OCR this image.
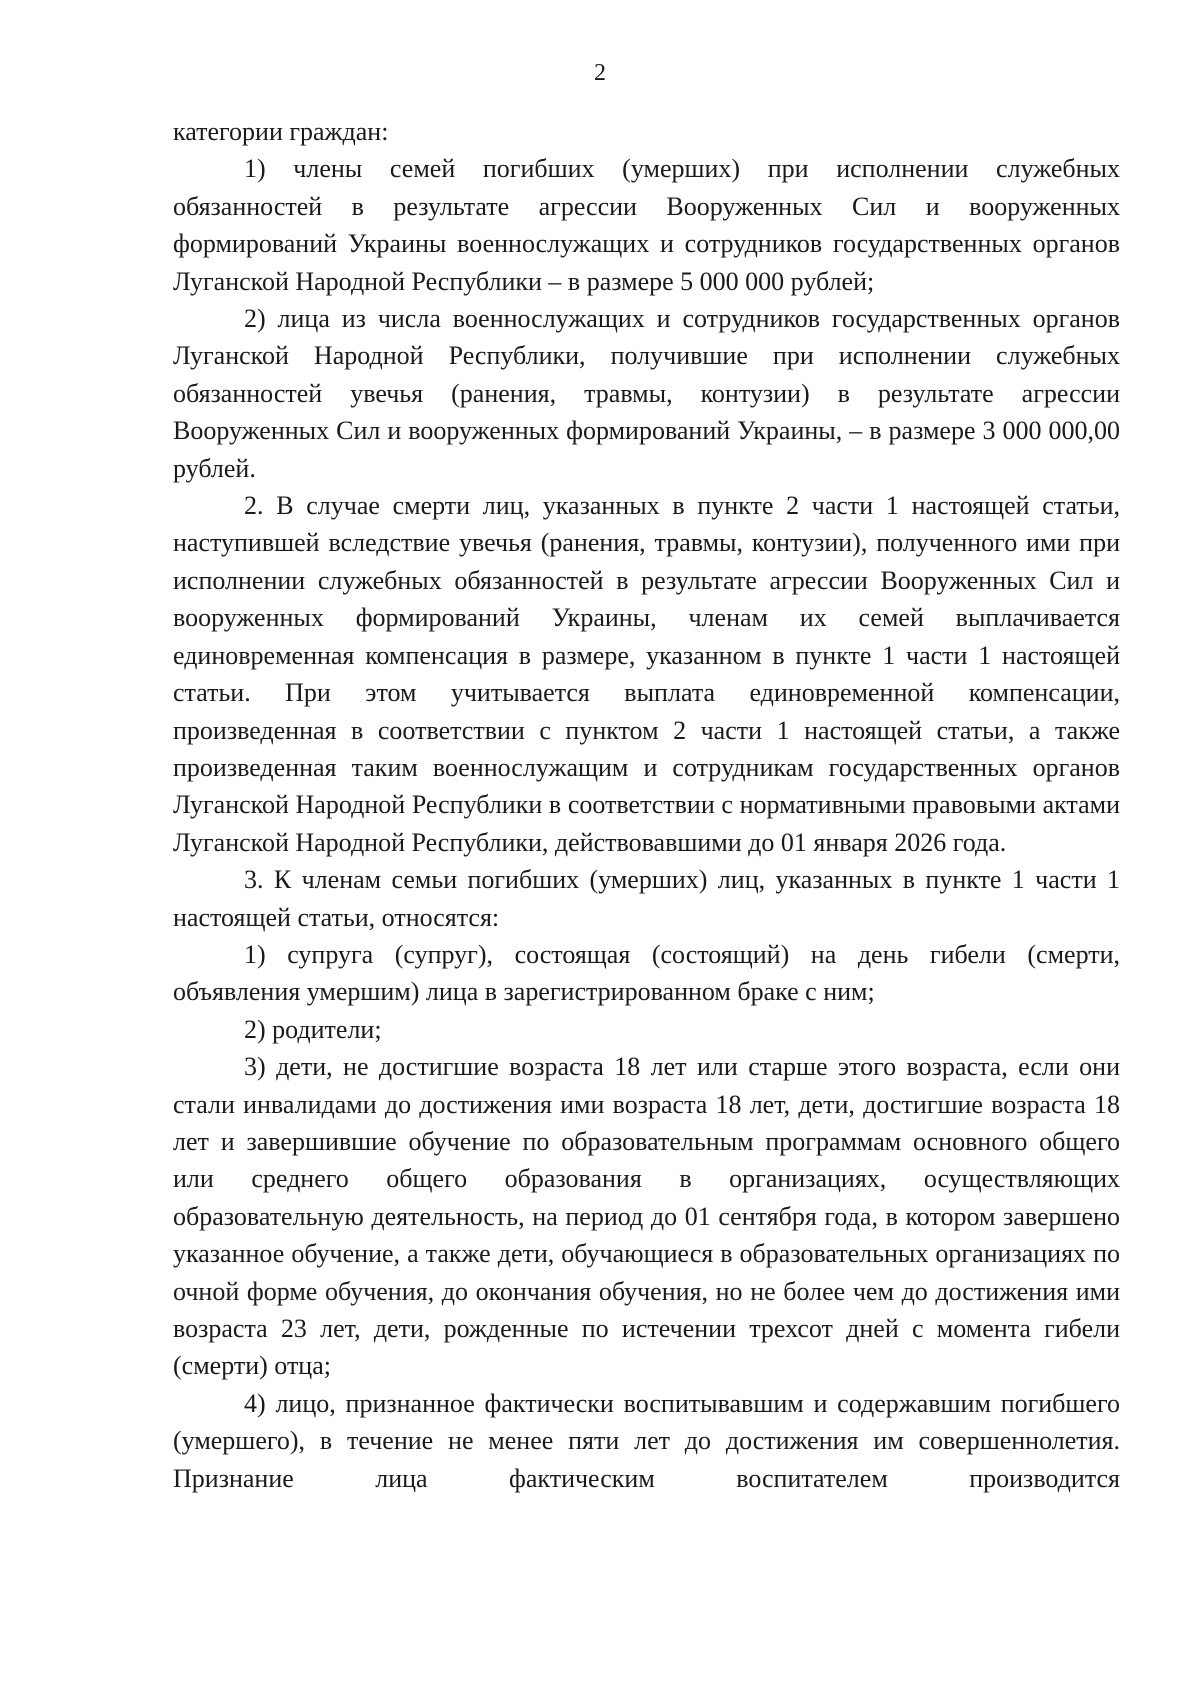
2

категории граждан:

1) члены семей погибших (умерших) при исполнении служебных обязанностей в результате агрессии Вооруженных Сил и вооруженных формирований Украины военнослужащих и сотрудников государственных органов Луганской Народной Республики – в размере 5 000 000 рублей;

2) лица из числа военнослужащих и сотрудников государственных органов Луганской Народной Республики, получившие при исполнении служебных обязанностей увечья (ранения, травмы, контузии) в результате агрессии Вооруженных Сил и вооруженных формирований Украины, – в размере 3 000 000,00 рублей.

2. В случае смерти лиц, указанных в пункте 2 части 1 настоящей статьи, наступившей вследствие увечья (ранения, травмы, контузии), полученного ими при исполнении служебных обязанностей в результате агрессии Вооруженных Сил и вооруженных формирований Украины, членам их семей выплачивается единовременная компенсация в размере, указанном в пункте 1 части 1 настоящей статьи. При этом учитывается выплата единовременной компенсации, произведенная в соответствии с пунктом 2 части 1 настоящей статьи, а также произведенная таким военнослужащим и сотрудникам государственных органов Луганской Народной Республики в соответствии с нормативными правовыми актами Луганской Народной Республики, действовавшими до 01 января 2026 года.

3. К членам семьи погибших (умерших) лиц, указанных в пункте 1 части 1 настоящей статьи, относятся:

1) супруга (супруг), состоящая (состоящий) на день гибели (смерти, объявления умершим) лица в зарегистрированном браке с ним;

2) родители;

3) дети, не достигшие возраста 18 лет или старше этого возраста, если они стали инвалидами до достижения ими возраста 18 лет, дети, достигшие возраста 18 лет и завершившие обучение по образовательным программам основного общего или среднего общего образования в организациях, осуществляющих образовательную деятельность, на период до 01 сентября года, в котором завершено указанное обучение, а также дети, обучающиеся в образовательных организациях по очной форме обучения, до окончания обучения, но не более чем до достижения ими возраста 23 лет, дети, рожденные по истечении трехсот дней с момента гибели (смерти) отца;

4) лицо, признанное фактически воспитывавшим и содержавшим погибшего (умершего), в течение не менее пяти лет до достижения им совершеннолетия. Признание лица фактическим воспитателем производится
